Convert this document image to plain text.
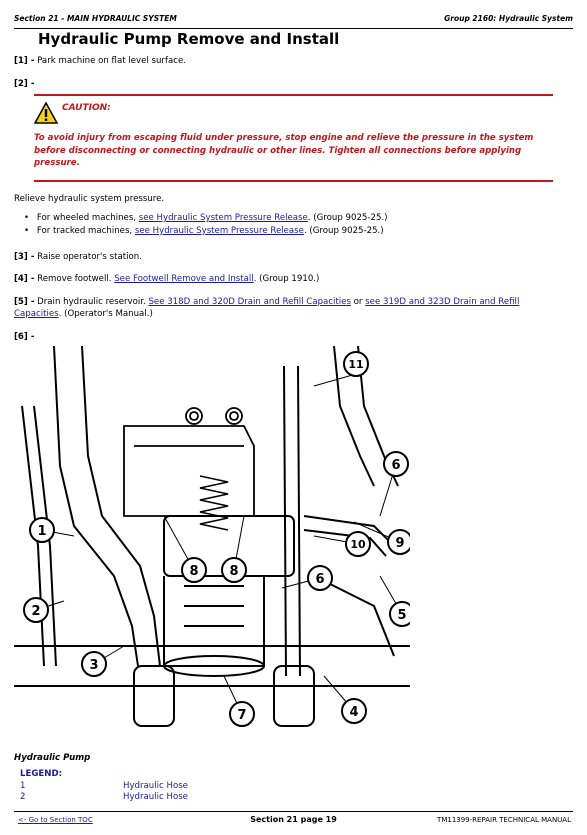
Section 21 - MAIN HYDRAULIC SYSTEM	Group 2160: Hydraulic System
Hydraulic Pump Remove and Install
[1] - Park machine on flat level surface.
[2] -
CAUTION:
To avoid injury from escaping fluid under pressure, stop engine and relieve the pressure in the system
before disconnecting or connecting hydraulic or other lines. Tighten all connections before applying
pressure.
Relieve hydraulic system pressure.
• For wheeled machines, see Hydraulic System Pressure Release. (Group 9025-25.)
• For tracked machines, see Hydraulic System Pressure Release. (Group 9025-25.)
[3] - Raise operator's station.
[4] - Remove footwell. See Footwell Remove and Install. (Group 1910.)
[5] - Drain hydraulic reservoir. See 318D and 320D Drain and Refill Capacities or see 319D and 323D Drain and Refill
Capacities. (Operator's Manual.)
[6] -
1
2
3
4
5
6
6
7
8 8
9
10
11
Hydraulic Pump
LEGEND:
1	Hydraulic Hose
2	Hydraulic Hose
<- Go to Section TOC	Section 21 page 19	TM11399-REPAIR TECHNICAL MANUAL
